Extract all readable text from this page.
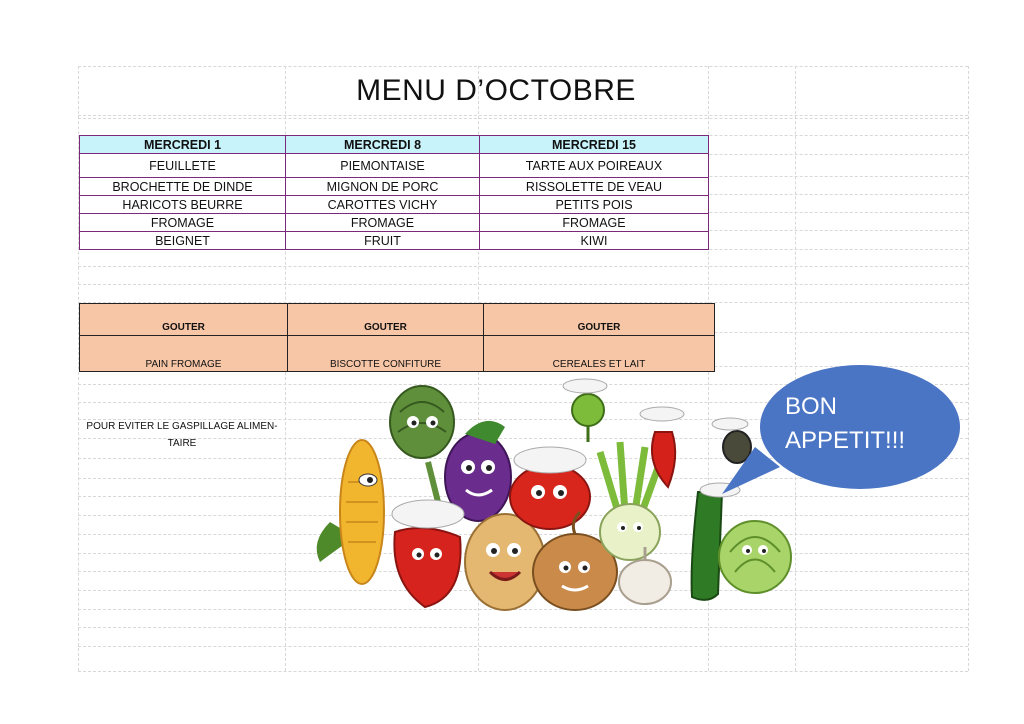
MENU D’OCTOBRE
MERCREDI 1	MERCREDI 8	MERCREDI 15
FEUILLETE	PIEMONTAISE	TARTE AUX POIREAUX
BROCHETTE DE DINDE	MIGNON DE PORC	RISSOLETTE DE VEAU
HARICOTS BEURRE	CAROTTES VICHY	PETITS POIS
FROMAGE	FROMAGE	FROMAGE
BEIGNET	FRUIT	KIWI
GOUTER	GOUTER	GOUTER
PAIN FROMAGE	BISCOTTE CONFITURE	CEREALES ET LAIT
POUR EVITER LE GASPILLAGE ALIMEN-
TAIRE
BON
APPETIT!!!
